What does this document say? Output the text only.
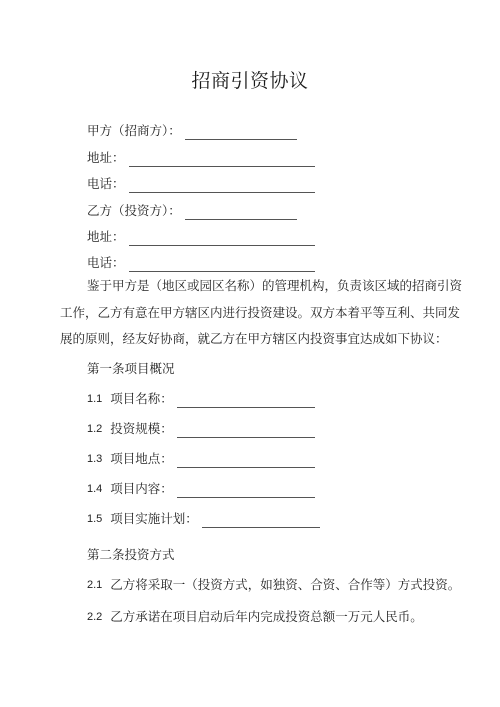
招商引资协议
甲方（招商方）：
地址：
电话：
乙方（投资方）：
地址：
电话：
鉴于甲方是（地区或园区名称）的管理机构，负责该区域的招商引资
工作，乙方有意在甲方辖区内进行投资建设。双方本着平等互利、共同发
展的原则，经友好协商，就乙方在甲方辖区内投资事宜达成如下协议：
第一条项目概况
1.1 项目名称：
1.2 投资规模：
1.3 项目地点：
1.4 项目内容：
1.5 项目实施计划：
第二条投资方式
2.1 乙方将采取一（投资方式，如独资、合资、合作等）方式投资。
2.2 乙方承诺在项目启动后年内完成投资总额一万元人民币。
